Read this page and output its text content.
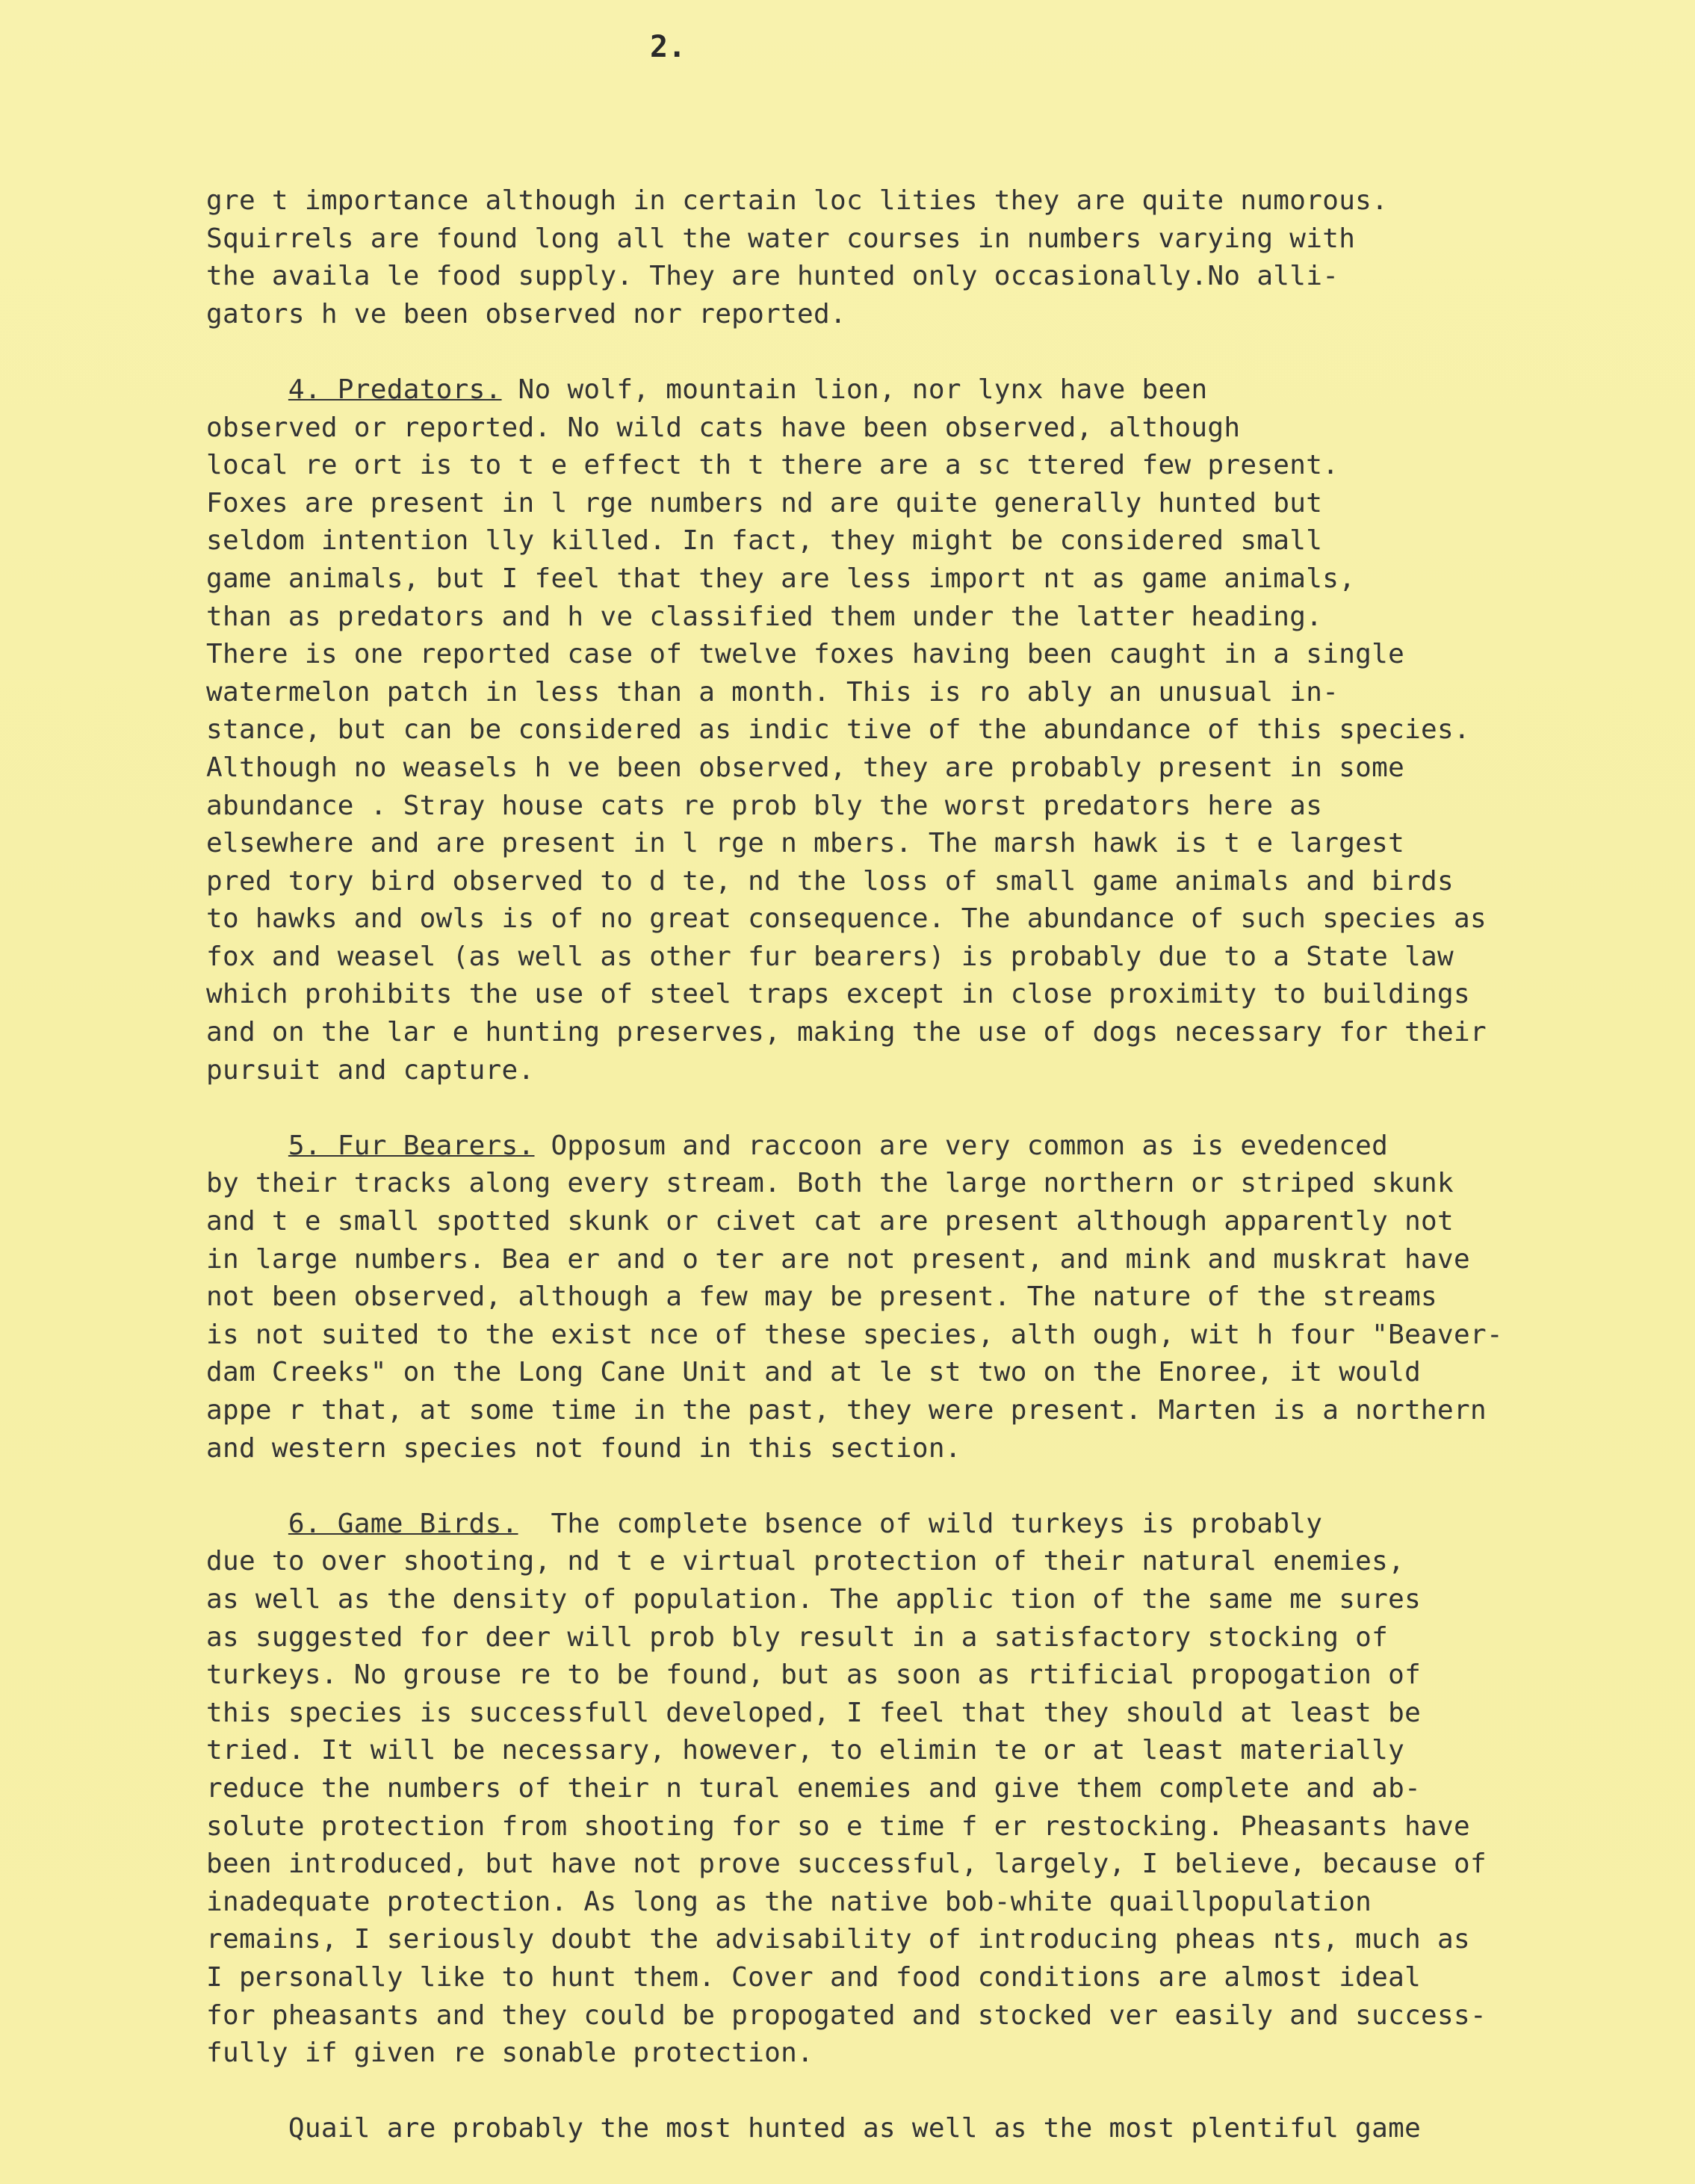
2.
gre t importance although in certain loc lities they are quite numorous.
Squirrels are found long all the water courses in numbers varying with
the availa le food supply. They are hunted only occasionally.No alli-
gators h ve been observed nor reported.
4. Predators. No wolf, mountain lion, nor lynx have been
observed or reported. No wild cats have been observed, although
local re ort is to t e effect th t there are a sc ttered few present.
Foxes are present in l rge numbers nd are quite generally hunted but
seldom intention lly killed. In fact, they might be considered small
game animals, but I feel that they are less import nt as game animals,
than as predators and h ve classified them under the latter heading.
There is one reported case of twelve foxes having been caught in a single
watermelon patch in less than a month. This is ro ably an unusual in-
stance, but can be considered as indic tive of the abundance of this species.
Although no weasels h ve been observed, they are probably present in some
abundance . Stray house cats re prob bly the worst predators here as
elsewhere and are present in l rge n mbers. The marsh hawk is t e largest
pred tory bird observed to d te, nd the loss of small game animals and birds
to hawks and owls is of no great consequence. The abundance of such species as
fox and weasel (as well as other fur bearers) is probably due to a State law
which prohibits the use of steel traps except in close proximity to buildings
and on the lar e hunting preserves, making the use of dogs necessary for their
pursuit and capture.
5. Fur Bearers. Opposum and raccoon are very common as is evedenced
by their tracks along every stream. Both the large northern or striped skunk
and t e small spotted skunk or civet cat are present although apparently not
in large numbers. Bea er and o ter are not present, and mink and muskrat have
not been observed, although a few may be present. The nature of the streams
is not suited to the exist nce of these species, alth ough, wit h four "Beaver-
dam Creeks" on the Long Cane Unit and at le st two on the Enoree, it would
appe r that, at some time in the past, they were present. Marten is a northern
and western species not found in this section.
6. Game Birds.  The complete bsence of wild turkeys is probably
due to over shooting, nd t e virtual protection of their natural enemies,
as well as the density of population. The applic tion of the same me sures
as suggested for deer will prob bly result in a satisfactory stocking of
turkeys. No grouse re to be found, but as soon as rtificial propogation of
this species is successfull developed, I feel that they should at least be
tried. It will be necessary, however, to elimin te or at least materially
reduce the numbers of their n tural enemies and give them complete and ab-
solute protection from shooting for so e time f er restocking. Pheasants have
been introduced, but have not prove successful, largely, I believe, because of
inadequate protection. As long as the native bob-white quaillpopulation
remains, I seriously doubt the advisability of introducing pheas nts, much as
I personally like to hunt them. Cover and food conditions are almost ideal
for pheasants and they could be propogated and stocked ver easily and success-
fully if given re sonable protection.
Quail are probably the most hunted as well as the most plentiful game
